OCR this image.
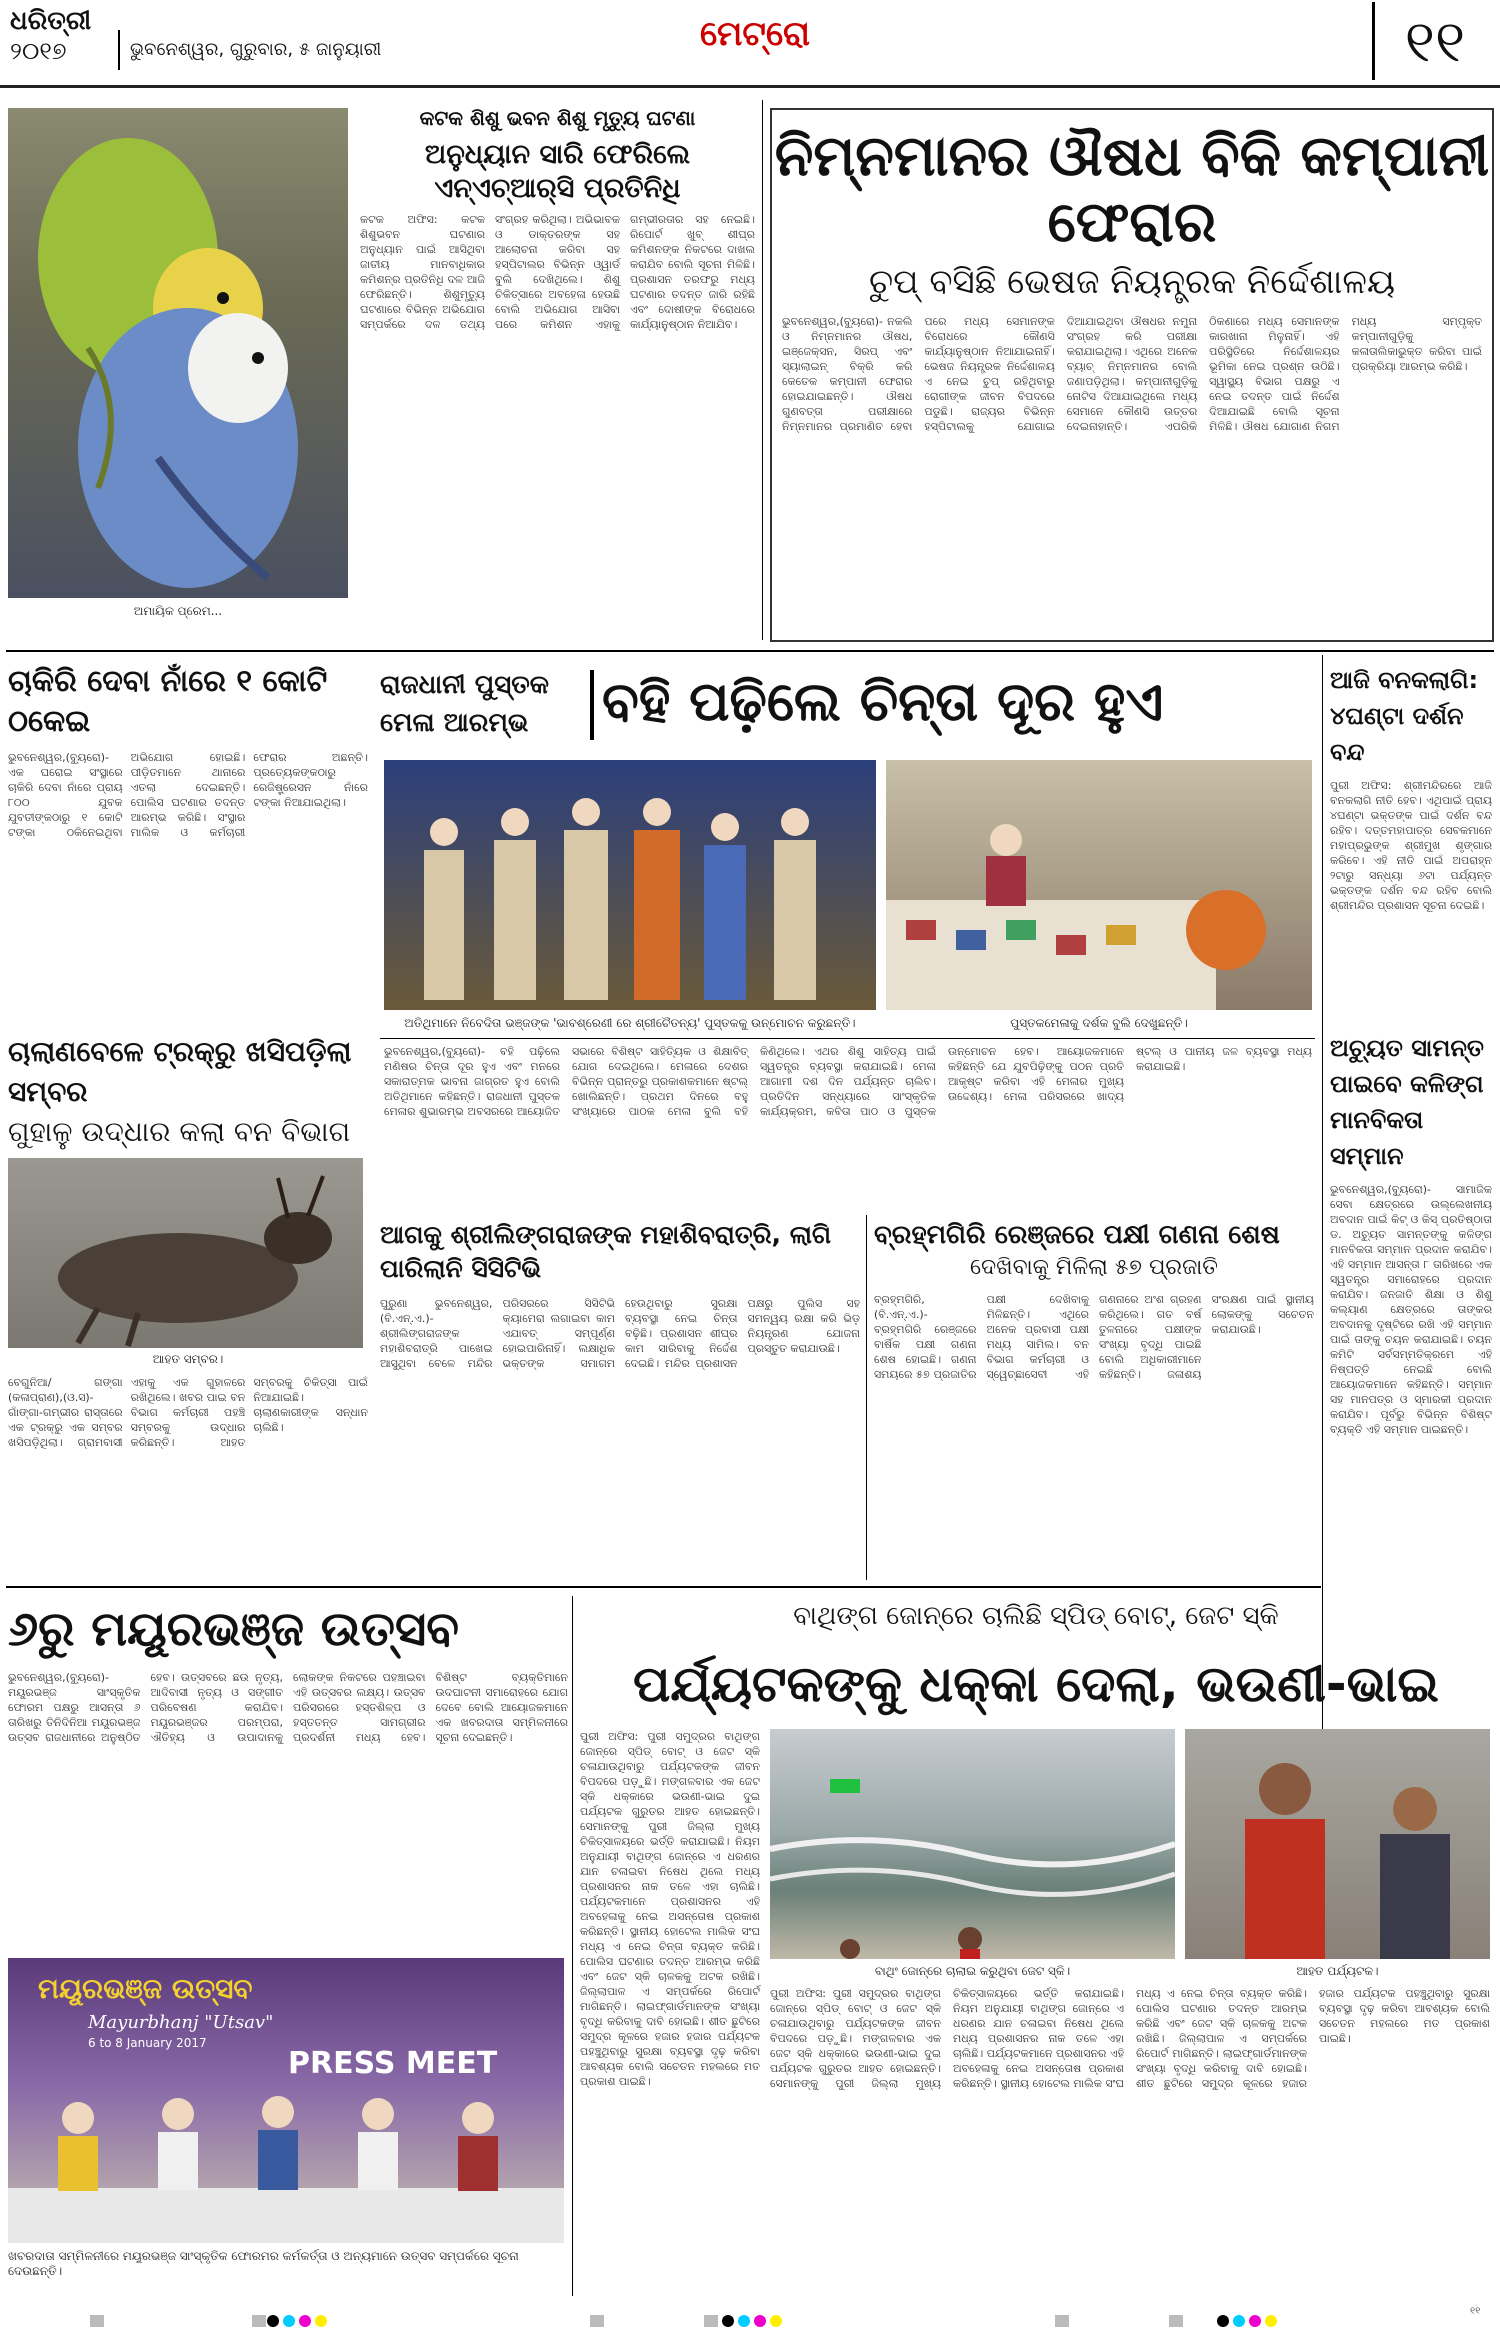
ଧରିତ୍ରୀ
୨୦୧୭	ଭୁବନେଶ୍ୱର, ଗୁରୁବାର, ୫ ଜାନୁୟାରୀ	ମେଟ୍ରୋ	୧୧
ଅମାୟିକ ପ୍ରେମ...
କଟକ ଶିଶୁ ଭବନ ଶିଶୁ ମୃତ୍ୟୁ ଘଟଣା
ଅନୁଧ୍ୟାନ ସାରି ଫେରିଲେ ଏନ୍‌ଏଚ୍‌ଆର୍‌ସି ପ୍ରତିନିଧି
କଟକ ଅଫିସ: କଟକ ଶିଶୁଭବନ ଘଟଣାର ଅନୁଧ୍ୟାନ ପାଇଁ ଆସିଥିବା ଜାତୀୟ ମାନବାଧିକାର କମିଶନ୍‌ର ପ୍ରତିନିଧି ଦଳ ଆଜି ଫେରିଛନ୍ତି। ଶିଶୁମୃତ୍ୟୁ ଘଟଣାରେ ବିଭିନ୍ନ ଅଭିଯୋଗ ସମ୍ପର୍କରେ ଦଳ ତଥ୍ୟ ସଂଗ୍ରହ କରିଥିଲା। ଅଭିଭାବକ ଓ ଡାକ୍ତରଙ୍କ ସହ ଆଲୋଚନା କରିବା ସହ ହସ୍ପିଟାଲର ବିଭିନ୍ନ ଓ୍ୱାର୍ଡ ବୁଲି ଦେଖିଥିଲେ। ଶିଶୁ ଚିକିତ୍ସାରେ ଅବହେଳା ହେଉଛି ବୋଲି ଅଭିଯୋଗ ଆସିବା ପରେ କମିଶନ ଏହାକୁ ଗମ୍ଭୀରତାର ସହ ନେଇଛି। ରିପୋର୍ଟ ଖୁବ୍ ଶୀଘ୍ର କମିଶନଙ୍କ ନିକଟରେ ଦାଖଲ କରାଯିବ ବୋଲି ସୂଚନା ମିଳିଛି। ପ୍ରଶାସନ ତରଫରୁ ମଧ୍ୟ ଘଟଣାର ତଦନ୍ତ ଜାରି ରହିଛି ଏବଂ ଦୋଷୀଙ୍କ ବିରୋଧରେ କାର୍ଯ୍ୟାନୁଷ୍ଠାନ ନିଆଯିବ।
ନିମ୍ନମାନର ଔଷଧ ବିକି କମ୍ପାନୀ ଫେରାର
ଚୁପ୍ ବସିଛି ଭେଷଜ ନିୟନ୍ତ୍ରକ ନିର୍ଦ୍ଦେଶାଳୟ
ଭୁବନେଶ୍ୱର,(ବ୍ୟୁରୋ)- ନକଲି ଓ ନିମ୍ନମାନର ଔଷଧ, ଇଞ୍ଜେକ୍ସନ, ସିରପ୍ ଏବଂ ସ୍ୟାଲାଇନ୍ ବିକ୍ରି କରି କେତେକ କମ୍ପାନୀ ଫେରାର ହୋଇଯାଇଛନ୍ତି। ଔଷଧ ଗୁଣବତ୍ତା ପରୀକ୍ଷାରେ ନିମ୍ନମାନର ପ୍ରମାଣିତ ହେବା ପରେ ମଧ୍ୟ ସେମାନଙ୍କ ବିରୋଧରେ କୌଣସି କାର୍ଯ୍ୟାନୁଷ୍ଠାନ ନିଆଯାଇନାହିଁ। ଭେଷଜ ନିୟନ୍ତ୍ରକ ନିର୍ଦ୍ଦେଶାଳୟ ଏ ନେଇ ଚୁପ୍ ରହିଥିବାରୁ ରୋଗୀଙ୍କ ଜୀବନ ବିପଦରେ ପଡୁଛି। ରାଜ୍ୟର ବିଭିନ୍ନ ହସ୍ପିଟାଲକୁ ଯୋଗାଇ ଦିଆଯାଇଥିବା ଔଷଧର ନମୁନା ସଂଗ୍ରହ କରି ପରୀକ୍ଷା କରାଯାଇଥିଲା। ଏଥିରେ ଅନେକ ବ୍ୟାଚ୍ ନିମ୍ନମାନର ବୋଲି ଜଣାପଡ଼ିଥିଲା। କମ୍ପାନୀଗୁଡ଼ିକୁ ନୋଟିସ ଦିଆଯାଇଥିଲେ ମଧ୍ୟ ସେମାନେ କୌଣସି ଉତ୍ତର ଦେଇନାହାନ୍ତି। ଏପରିକି ଠିକଣାରେ ମଧ୍ୟ ସେମାନଙ୍କ କାରଖାନା ମିଳୁନାହିଁ। ଏହି ପରିସ୍ଥିତିରେ ନିର୍ଦ୍ଦେଶାଳୟର ଭୂମିକା ନେଇ ପ୍ରଶ୍ନ ଉଠିଛି। ସ୍ୱାସ୍ଥ୍ୟ ବିଭାଗ ପକ୍ଷରୁ ଏ ନେଇ ତଦନ୍ତ ପାଇଁ ନିର୍ଦ୍ଦେଶ ଦିଆଯାଇଛି ବୋଲି ସୂଚନା ମିଳିଛି। ଔଷଧ ଯୋଗାଣ ନିଗମ ମଧ୍ୟ ସମ୍ପୃକ୍ତ କମ୍ପାନୀଗୁଡ଼ିକୁ କଳାତାଲିକାଭୁକ୍ତ କରିବା ପାଇଁ ପ୍ରକ୍ରିୟା ଆରମ୍ଭ କରିଛି।
ଚାକିରି ଦେବା ନାଁରେ ୧ କୋଟି ଠକେଇ
ଭୁବନେଶ୍ୱର,(ବ୍ୟୁରୋ)- ଏକ ଘରୋଇ ସଂସ୍ଥାରେ ଚାକିରି ଦେବା ନାଁରେ ପ୍ରାୟ ୮୦୦ ଯୁବକ ଯୁବତୀଙ୍କଠାରୁ ୧ କୋଟି ଟଙ୍କା ଠକିନେଇଥିବା ଅଭିଯୋଗ ହୋଇଛି। ପୀଡ଼ିତମାନେ ଥାନାରେ ଏତଲା ଦେଇଛନ୍ତି। ପୋଲିସ ଘଟଣାର ତଦନ୍ତ ଆରମ୍ଭ କରିଛି। ସଂସ୍ଥାର ମାଲିକ ଓ କର୍ମଚାରୀ ଫେରାର ଅଛନ୍ତି। ପ୍ରତ୍ୟେକଙ୍କଠାରୁ ରେଜିଷ୍ଟ୍ରେସନ ନାଁରେ ଟଙ୍କା ନିଆଯାଇଥିଲା।
ଚାଲାଣବେଳେ ଟ୍ରକ୍‌ରୁ ଖସିପଡ଼ିଲା ସମ୍ବର
ଗୁହାଳୁ ଉଦ୍ଧାର କଲା ବନ ବିଭାଗ
ଆହତ ସମ୍ବର।
ବେଗୁନିଆ/ ଗଙ୍ଗା (କଳାପ୍ରାଣ),(ଓ.ସ)- ଗାଁଙ୍ଗା-ଗମ୍ଭୀର ରାସ୍ତାରେ ଏକ ଟ୍ରକ୍‌ରୁ ଏକ ସମ୍ବର ଖସିପଡ଼ିଥିଲା। ଗ୍ରାମବାସୀ ଏହାକୁ ଏକ ଗୁହାଳରେ ରଖିଥିଲେ। ଖବର ପାଇ ବନ ବିଭାଗ କର୍ମଚାରୀ ପହଞ୍ଚି ସମ୍ବରକୁ ଉଦ୍ଧାର କରିଛନ୍ତି। ଆହତ ସମ୍ବରକୁ ଚିକିତ୍ସା ପାଇଁ ନିଆଯାଇଛି। ଚାଲାଣକାରୀଙ୍କ ସନ୍ଧାନ ଚାଲିଛି।
ରାଜଧାନୀ ପୁସ୍ତକ ମେଳା ଆରମ୍ଭ	ବହି ପଢ଼ିଲେ ଚିନ୍ତା ଦୂର ହୁଏ
ଅତିଥିମାନେ ନିବେଦିତା ଭଞ୍ଜଙ୍କ 'ଭାବଶ୍ରେଣୀ ରେ ଶ୍ରୀଚୈତନ୍ୟ' ପୁସ୍ତକକୁ ଉନ୍ମୋଚନ କରୁଛନ୍ତି।	ପୁସ୍ତକମେଳାକୁ ଦର୍ଶକ ବୁଲି ଦେଖୁଛନ୍ତି।
ଭୁବନେଶ୍ୱର,(ବ୍ୟୁରୋ)- ବହି ପଢ଼ିଲେ ମଣିଷର ଚିନ୍ତା ଦୂର ହୁଏ ଏବଂ ମନରେ ସକାରାତ୍ମକ ଭାବନା ଜାଗ୍ରତ ହୁଏ ବୋଲି ଅତିଥିମାନେ କହିଛନ୍ତି। ରାଜଧାନୀ ପୁସ୍ତକ ମେଳାର ଶୁଭାରମ୍ଭ ଅବସରରେ ଆୟୋଜିତ ସଭାରେ ବିଶିଷ୍ଟ ସାହିତ୍ୟିକ ଓ ଶିକ୍ଷାବିତ୍ ଯୋଗ ଦେଇଥିଲେ। ମେଳାରେ ଦେଶର ବିଭିନ୍ନ ପ୍ରାନ୍ତରୁ ପ୍ରକାଶକମାନେ ଷ୍ଟଲ୍ ଖୋଲିଛନ୍ତି। ପ୍ରଥମ ଦିନରେ ବହୁ ସଂଖ୍ୟାରେ ପାଠକ ମେଳା ବୁଲି ବହି କିଣିଥିଲେ। ଏଥର ଶିଶୁ ସାହିତ୍ୟ ପାଇଁ ସ୍ୱତନ୍ତ୍ର ବ୍ୟବସ୍ଥା କରାଯାଇଛି। ମେଳା ଆଗାମୀ ଦଶ ଦିନ ପର୍ଯ୍ୟନ୍ତ ଚାଲିବ। ପ୍ରତିଦିନ ସନ୍ଧ୍ୟାରେ ସାଂସ୍କୃତିକ କାର୍ଯ୍ୟକ୍ରମ, କବିତା ପାଠ ଓ ପୁସ୍ତକ ଉନ୍ମୋଚନ ହେବ। ଆୟୋଜକମାନେ କହିଛନ୍ତି ଯେ ଯୁବପିଢ଼ିଙ୍କୁ ପଠନ ପ୍ରତି ଆକୃଷ୍ଟ କରିବା ଏହି ମେଳାର ମୁଖ୍ୟ ଉଦ୍ଦେଶ୍ୟ। ମେଳା ପରିସରରେ ଖାଦ୍ୟ ଷ୍ଟଲ୍ ଓ ପାନୀୟ ଜଳ ବ୍ୟବସ୍ଥା ମଧ୍ୟ କରାଯାଇଛି।
ଆଜି ବନକଲାଗି: ୪ଘଣ୍ଟା ଦର୍ଶନ ବନ୍ଦ
ପୁରୀ ଅଫିସ: ଶ୍ରୀମନ୍ଦିରରେ ଆଜି ବନକଲାଗି ନୀତି ହେବ। ଏଥିପାଇଁ ପ୍ରାୟ ୪ଘଣ୍ଟା ଭକ୍ତଙ୍କ ପାଇଁ ଦର୍ଶନ ବନ୍ଦ ରହିବ। ଦତ୍ତମହାପାତ୍ର ସେବକମାନେ ମହାପ୍ରଭୁଙ୍କ ଶ୍ରୀମୁଖ ଶୃଙ୍ଗାର କରିବେ। ଏହି ନୀତି ପାଇଁ ଅପରାହ୍ନ ୨ଟାରୁ ସନ୍ଧ୍ୟା ୬ଟା ପର୍ଯ୍ୟନ୍ତ ଭକ୍ତଙ୍କ ଦର୍ଶନ ବନ୍ଦ ରହିବ ବୋଲି ଶ୍ରୀମନ୍ଦିର ପ୍ରଶାସନ ସୂଚନା ଦେଇଛି।
ଅଚ୍ୟୁତ ସାମନ୍ତ ପାଇବେ କଳିଙ୍ଗ ମାନବିକତା ସମ୍ମାନ
ଭୁବନେଶ୍ୱର,(ବ୍ୟୁରୋ)- ସାମାଜିକ ସେବା କ୍ଷେତ୍ରରେ ଉଲ୍ଲେଖନୀୟ ଅବଦାନ ପାଇଁ କିଟ୍ ଓ କିସ୍ ପ୍ରତିଷ୍ଠାତା ଡ. ଅଚ୍ୟୁତ ସାମନ୍ତଙ୍କୁ କଳିଙ୍ଗ ମାନବିକତା ସମ୍ମାନ ପ୍ରଦାନ କରାଯିବ। ଏହି ସମ୍ମାନ ଆସନ୍ତା ୮ ତାରିଖରେ ଏକ ସ୍ୱତନ୍ତ୍ର ସମାରୋହରେ ପ୍ରଦାନ କରାଯିବ। ଜନଜାତି ଶିକ୍ଷା ଓ ଶିଶୁ କଲ୍ୟାଣ କ୍ଷେତ୍ରରେ ତାଙ୍କର ଅବଦାନକୁ ଦୃଷ୍ଟିରେ ରଖି ଏହି ସମ୍ମାନ ପାଇଁ ତାଙ୍କୁ ଚୟନ କରାଯାଇଛି। ଚୟନ କମିଟି ସର୍ବସମ୍ମତିକ୍ରମେ ଏହି ନିଷ୍ପତ୍ତି ନେଇଛି ବୋଲି ଆୟୋଜକମାନେ କହିଛନ୍ତି। ସମ୍ମାନ ସହ ମାନପତ୍ର ଓ ସ୍ମାରକୀ ପ୍ରଦାନ କରାଯିବ। ପୂର୍ବରୁ ବିଭିନ୍ନ ବିଶିଷ୍ଟ ବ୍ୟକ୍ତି ଏହି ସମ୍ମାନ ପାଇଛନ୍ତି।
ଆଗକୁ ଶ୍ରୀଲିଙ୍ଗରାଜଙ୍କ ମହାଶିବରାତ୍ରି, ଲାଗି ପାରିଲାନି ସିସିଟିଭି
ପୁରୁଣା ଭୁବନେଶ୍ୱର, (ବି.ଏନ୍.ଏ.)- ଶ୍ରୀଲିଙ୍ଗରାଜଙ୍କ ମହାଶିବରାତ୍ରି ପାଖେଇ ଆସୁଥିବା ବେଳେ ମନ୍ଦିର ପରିସରରେ ସିସିଟିଭି କ୍ୟାମେରା ଲଗାଇବା କାମ ଏଯାବତ୍ ସମ୍ପୂର୍ଣ୍ଣ ହୋଇପାରିନାହିଁ। ଲକ୍ଷାଧିକ ଭକ୍ତଙ୍କ ସମାଗମ ହେଉଥିବାରୁ ସୁରକ୍ଷା ବ୍ୟବସ୍ଥା ନେଇ ଚିନ୍ତା ବଢ଼ିଛି। ପ୍ରଶାସନ ଶୀଘ୍ର କାମ ସାରିବାକୁ ନିର୍ଦ୍ଦେଶ ଦେଇଛି। ମନ୍ଦିର ପ୍ରଶାସନ ପକ୍ଷରୁ ପୁଲିସ ସହ ସମନ୍ୱୟ ରକ୍ଷା କରି ଭିଡ଼ ନିୟନ୍ତ୍ରଣ ଯୋଜନା ପ୍ରସ୍ତୁତ କରାଯାଉଛି।
ବ୍ରହ୍ମଗିରି ରେଞ୍ଜରେ ପକ୍ଷୀ ଗଣନା ଶେଷ
ଦେଖିବାକୁ ମିଳିଲା ୫୭ ପ୍ରଜାତି
ବ୍ରହ୍ମଗିରି, (ବି.ଏନ୍.ଏ.)- ବ୍ରହ୍ମଗିରି ରେଞ୍ଜରେ ବାର୍ଷିକ ପକ୍ଷୀ ଗଣନା ଶେଷ ହୋଇଛି। ଗଣନା ସମୟରେ ୫୭ ପ୍ରଜାତିର ପକ୍ଷୀ ଦେଖିବାକୁ ମିଳିଛନ୍ତି। ଏଥିରେ ଅନେକ ପ୍ରବାସୀ ପକ୍ଷୀ ମଧ୍ୟ ସାମିଲ। ବନ ବିଭାଗ କର୍ମଚାରୀ ଓ ସ୍ୱେଚ୍ଛାସେବୀ ଏହି ଗଣନାରେ ଅଂଶ ଗ୍ରହଣ କରିଥିଲେ। ଗତ ବର୍ଷ ତୁଳନାରେ ପକ୍ଷୀଙ୍କ ସଂଖ୍ୟା ବୃଦ୍ଧି ପାଇଛି ବୋଲି ଅଧିକାରୀମାନେ କହିଛନ୍ତି। ଜଳାଶୟ ସଂରକ୍ଷଣ ପାଇଁ ସ୍ଥାନୀୟ ଲୋକଙ୍କୁ ସଚେତନ କରାଯାଉଛି।
୬ରୁ ମୟୂରଭଞ୍ଜ ଉତ୍ସବ
ଭୁବନେଶ୍ୱର,(ବ୍ୟୁରୋ)- ମୟୂରଭଞ୍ଜ ସାଂସ୍କୃତିକ ଫୋରମ ପକ୍ଷରୁ ଆସନ୍ତା ୬ ତାରିଖରୁ ତିନିଦିନିଆ ମୟୂରଭଞ୍ଜ ଉତ୍ସବ ରାଜଧାନୀରେ ଅନୁଷ୍ଠିତ ହେବ। ଉତ୍ସବରେ ଛଉ ନୃତ୍ୟ, ଆଦିବାସୀ ନୃତ୍ୟ ଓ ସଙ୍ଗୀତ ପରିବେଷଣ କରାଯିବ। ମୟୂରଭଞ୍ଜର ପରମ୍ପରା, ଐତିହ୍ୟ ଓ ଉପାଦାନକୁ ଲୋକଙ୍କ ନିକଟରେ ପହଞ୍ଚାଇବା ଏହି ଉତ୍ସବର ଲକ୍ଷ୍ୟ। ଉତ୍ସବ ପରିସରରେ ହସ୍ତଶିଳ୍ପ ଓ ହସ୍ତତନ୍ତ ସାମଗ୍ରୀର ପ୍ରଦର୍ଶନୀ ମଧ୍ୟ ହେବ। ବିଶିଷ୍ଟ ବ୍ୟକ୍ତିମାନେ ଉଦଘାଟନୀ ସମାରୋହରେ ଯୋଗ ଦେବେ ବୋଲି ଆୟୋଜକମାନେ ଏକ ଖବରଦାତା ସମ୍ମିଳନୀରେ ସୂଚନା ଦେଇଛନ୍ତି।
ମୟୂରଭଞ୍ଜ ଉତ୍ସବ
Mayurbhanj "Utsav"
6 to 8 January 2017
PRESS MEET
ଖବରଦାତା ସମ୍ମିଳନୀରେ ମୟୂରଭଞ୍ଜ ସାଂସ୍କୃତିକ ଫୋରମର କର୍ମକର୍ତ୍ତା ଓ ଅନ୍ୟମାନେ ଉତ୍ସବ ସମ୍ପର୍କରେ ସୂଚନା ଦେଉଛନ୍ତି।
ବାଥିଙ୍ଗ ଜୋନ୍‌ରେ ଚାଲିଛି ସ୍ପିଡ୍ ବୋଟ୍, ଜେଟ ସ୍କି
ପର୍ଯ୍ୟଟକଙ୍କୁ ଧକ୍କା ଦେଲା, ଭଉଣୀ-ଭାଇ
ପୁରୀ ଅଫିସ: ପୁରୀ ସମୁଦ୍ରର ବାଥିଙ୍ଗ ଜୋନ୍‌ରେ ସ୍ପିଡ୍ ବୋଟ୍ ଓ ଜେଟ ସ୍କି ଚଳାଯାଉଥିବାରୁ ପର୍ଯ୍ୟଟକଙ୍କ ଜୀବନ ବିପଦରେ ପଡ଼ୁଛି। ମଙ୍ଗଳବାର ଏକ ଜେଟ ସ୍କି ଧକ୍କାରେ ଭଉଣୀ-ଭାଇ ଦୁଇ ପର୍ଯ୍ୟଟକ ଗୁରୁତର ଆହତ ହୋଇଛନ୍ତି। ସେମାନଙ୍କୁ ପୁରୀ ଜିଲ୍ଲା ମୁଖ୍ୟ ଚିକିତ୍ସାଳୟରେ ଭର୍ତ୍ତି କରାଯାଇଛି। ନିୟମ ଅନୁଯାୟୀ ବାଥିଙ୍ଗ ଜୋନ୍‌ରେ ଏ ଧରଣର ଯାନ ଚଳାଇବା ନିଷେଧ ଥିଲେ ମଧ୍ୟ ପ୍ରଶାସନର ନାକ ତଳେ ଏହା ଚାଲିଛି। ପର୍ଯ୍ୟଟକମାନେ ପ୍ରଶାସନର ଏହି ଅବହେଳାକୁ ନେଇ ଅସନ୍ତୋଷ ପ୍ରକାଶ କରିଛନ୍ତି। ସ୍ଥାନୀୟ ହୋଟେଲ ମାଲିକ ସଂଘ ମଧ୍ୟ ଏ ନେଇ ଚିନ୍ତା ବ୍ୟକ୍ତ କରିଛି। ପୋଲିସ ଘଟଣାର ତଦନ୍ତ ଆରମ୍ଭ କରିଛି ଏବଂ ଜେଟ ସ୍କି ଚାଳକକୁ ଅଟକ ରଖିଛି। ଜିଲ୍ଲାପାଳ ଏ ସମ୍ପର୍କରେ ରିପୋର୍ଟ ମାଗିଛନ୍ତି। ଲାଇଫ୍‌ଗାର୍ଡମାନଙ୍କ ସଂଖ୍ୟା ବୃଦ୍ଧି କରିବାକୁ ଦାବି ହୋଇଛି। ଶୀତ ଛୁଟିରେ ସମୁଦ୍ର କୂଳରେ ହଜାର ହଜାର ପର୍ଯ୍ୟଟକ ପହଞ୍ଚୁଥିବାରୁ ସୁରକ୍ଷା ବ୍ୟବସ୍ଥା ଦୃଢ଼ କରିବା ଆବଶ୍ୟକ ବୋଲି ସଚେତନ ମହଲରେ ମତ ପ୍ରକାଶ ପାଇଛି।
ବାଥିଂ ଜୋନ୍‌ରେ ଚାଲାଇ କରୁଥିବା ଜେଟ ସ୍କି।	ଆହତ ପର୍ଯ୍ୟଟକ।
ପୁରୀ ଅଫିସ: ପୁରୀ ସମୁଦ୍ରର ବାଥିଙ୍ଗ ଜୋନ୍‌ରେ ସ୍ପିଡ୍ ବୋଟ୍ ଓ ଜେଟ ସ୍କି ଚଳାଯାଉଥିବାରୁ ପର୍ଯ୍ୟଟକଙ୍କ ଜୀବନ ବିପଦରେ ପଡ଼ୁଛି। ମଙ୍ଗଳବାର ଏକ ଜେଟ ସ୍କି ଧକ୍କାରେ ଭଉଣୀ-ଭାଇ ଦୁଇ ପର୍ଯ୍ୟଟକ ଗୁରୁତର ଆହତ ହୋଇଛନ୍ତି। ସେମାନଙ୍କୁ ପୁରୀ ଜିଲ୍ଲା ମୁଖ୍ୟ ଚିକିତ୍ସାଳୟରେ ଭର୍ତ୍ତି କରାଯାଇଛି। ନିୟମ ଅନୁଯାୟୀ ବାଥିଙ୍ଗ ଜୋନ୍‌ରେ ଏ ଧରଣର ଯାନ ଚଳାଇବା ନିଷେଧ ଥିଲେ ମଧ୍ୟ ପ୍ରଶାସନର ନାକ ତଳେ ଏହା ଚାଲିଛି। ପର୍ଯ୍ୟଟକମାନେ ପ୍ରଶାସନର ଏହି ଅବହେଳାକୁ ନେଇ ଅସନ୍ତୋଷ ପ୍ରକାଶ କରିଛନ୍ତି। ସ୍ଥାନୀୟ ହୋଟେଲ ମାଲିକ ସଂଘ ମଧ୍ୟ ଏ ନେଇ ଚିନ୍ତା ବ୍ୟକ୍ତ କରିଛି। ପୋଲିସ ଘଟଣାର ତଦନ୍ତ ଆରମ୍ଭ କରିଛି ଏବଂ ଜେଟ ସ୍କି ଚାଳକକୁ ଅଟକ ରଖିଛି। ଜିଲ୍ଲାପାଳ ଏ ସମ୍ପର୍କରେ ରିପୋର୍ଟ ମାଗିଛନ୍ତି। ଲାଇଫ୍‌ଗାର୍ଡମାନଙ୍କ ସଂଖ୍ୟା ବୃଦ୍ଧି କରିବାକୁ ଦାବି ହୋଇଛି। ଶୀତ ଛୁଟିରେ ସମୁଦ୍ର କୂଳରେ ହଜାର ହଜାର ପର୍ଯ୍ୟଟକ ପହଞ୍ଚୁଥିବାରୁ ସୁରକ୍ଷା ବ୍ୟବସ୍ଥା ଦୃଢ଼ କରିବା ଆବଶ୍ୟକ ବୋଲି ସଚେତନ ମହଲରେ ମତ ପ୍ରକାଶ ପାଇଛି।
୧୧
